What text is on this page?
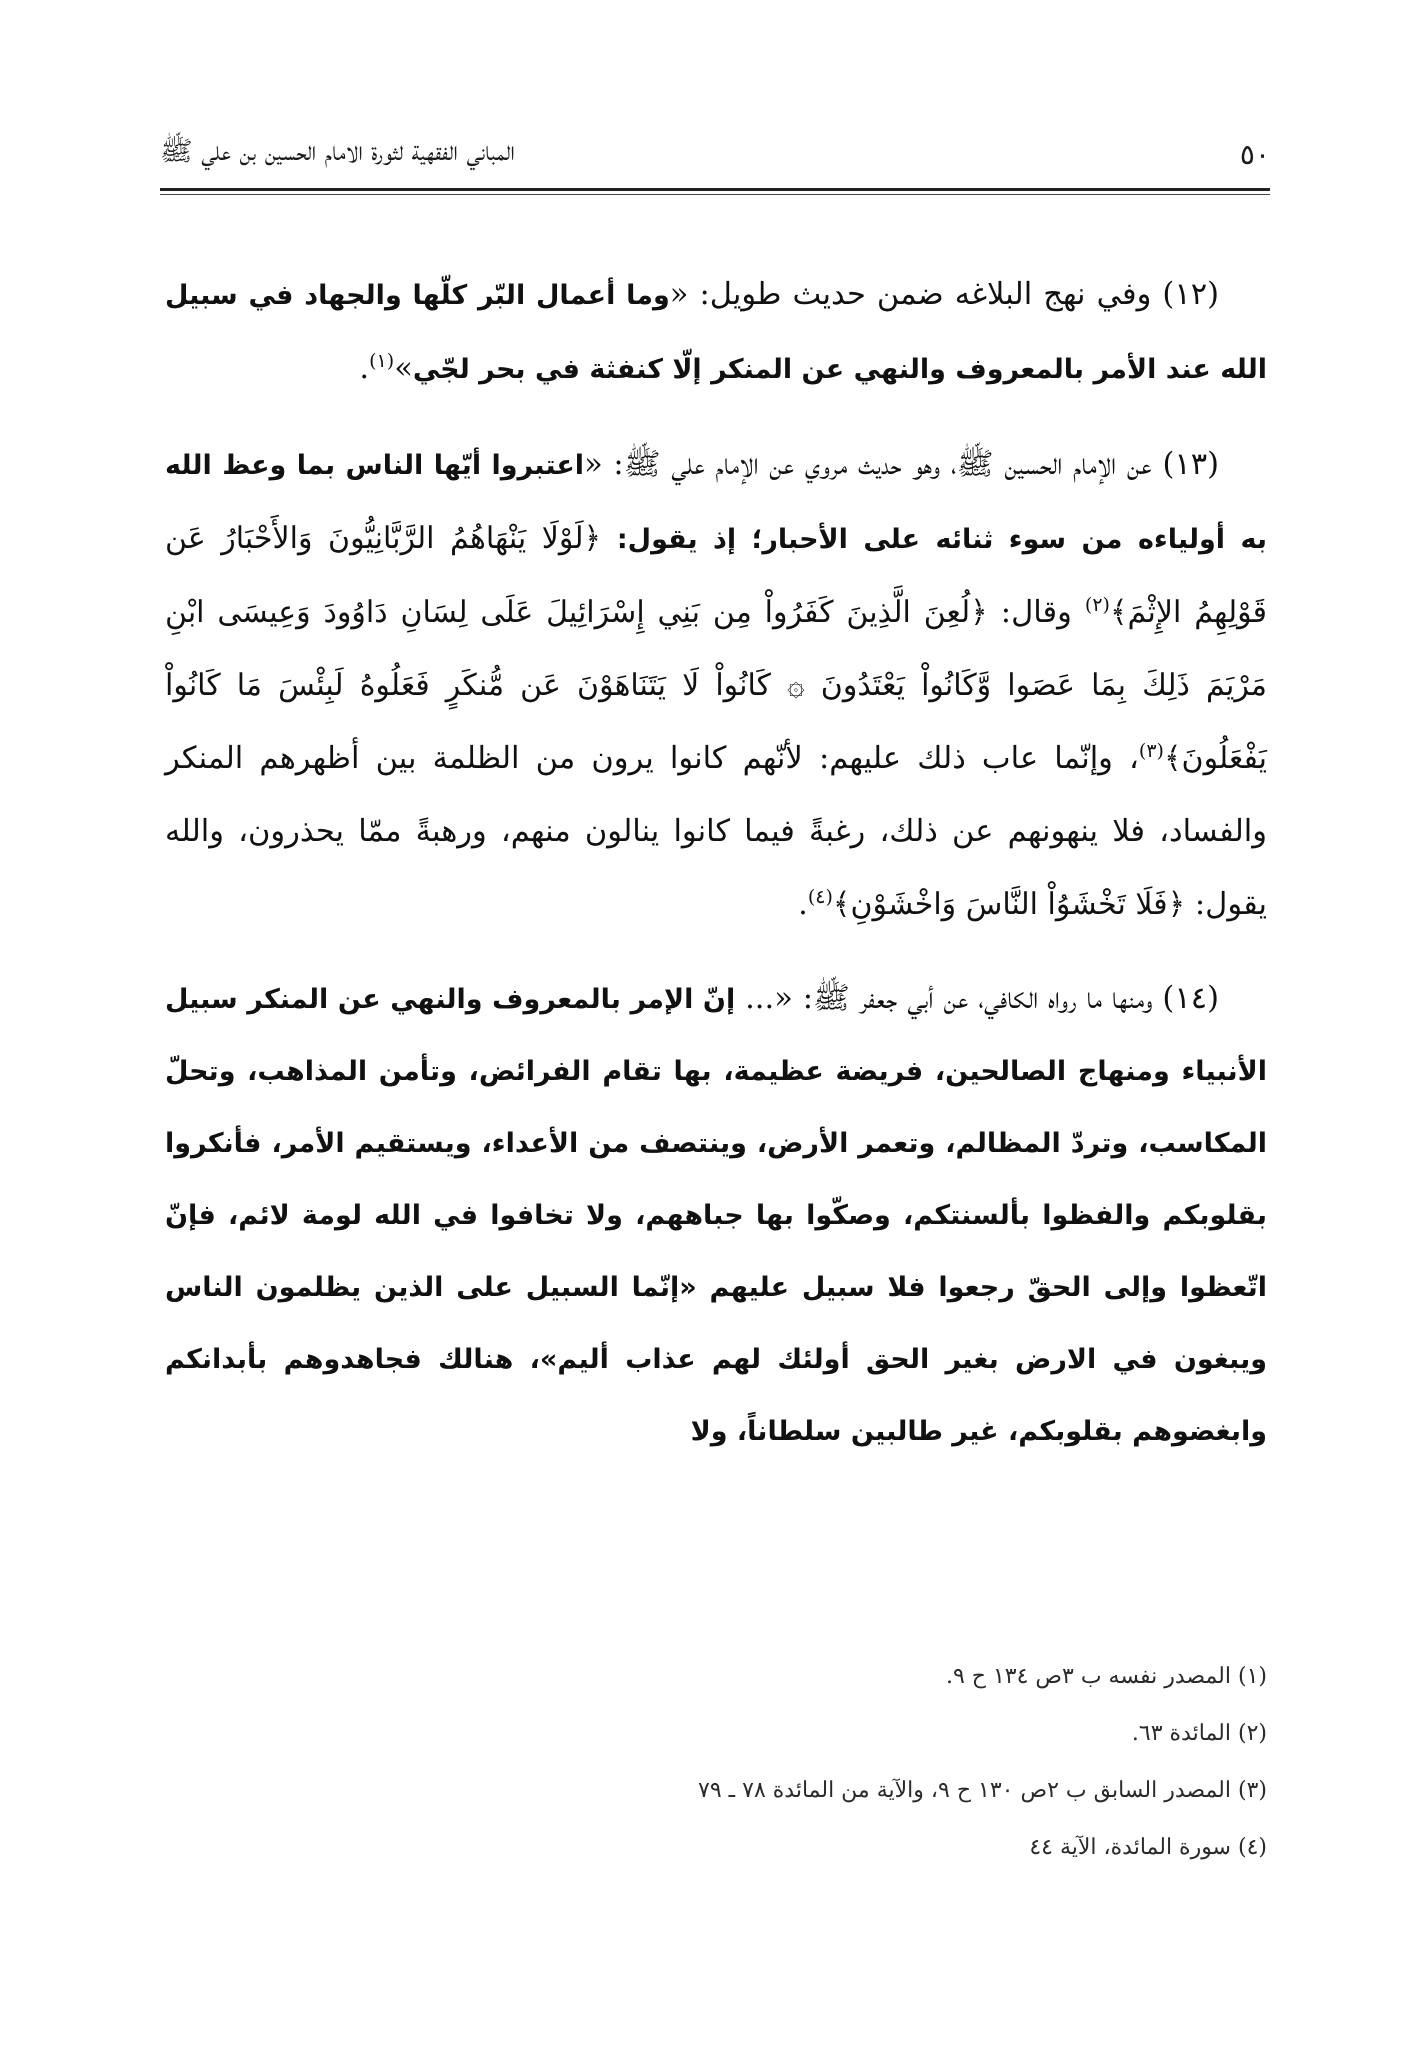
٥٠
المباني الفقهية لثورة الامام الحسين بن علي ﷺ

(١٢) وفي نهج البلاغه ضمن حديث طويل: «وما أعمال البّر كلّها والجهاد في سبيل الله عند الأمر بالمعروف والنهي عن المنكر إلّا كنفثة في بحر لجّي»$^{(١)}$.

(١٣) عن الإمام الحسين ﷺ، وهو حديث مروي عن الإمام علي ﷺ: «اعتبروا أيّها الناس بما وعظ الله به أولياءه من سوء ثنائه على الأحبار؛ إذ يقول: ﴿لَوْلَا يَنْهَاهُمُ الرَّبَّانِيُّونَ وَالأَحْبَارُ عَن قَوْلِهِمُ الإِثْمَ﴾$^{(٢)}$ وقال: ﴿لُعِنَ الَّذِينَ كَفَرُواْ مِن بَنِي إِسْرَائِيلَ عَلَى لِسَانِ دَاوُودَ وَعِيسَى ابْنِ مَرْيَمَ ذَلِكَ بِمَا عَصَوا وَّكَانُواْ يَعْتَدُونَ ۞ كَانُواْ لَا يَتَنَاهَوْنَ عَن مُّنكَرٍ فَعَلُوهُ لَبِئْسَ مَا كَانُواْ يَفْعَلُونَ﴾$^{(٣)}$، وإنّما عاب ذلك عليهم: لأنّهم كانوا يرون من الظلمة بين أظهرهم المنكر والفساد، فلا ينهونهم عن ذلك، رغبةً فيما كانوا ينالون منهم، ورهبةً ممّا يحذرون، والله يقول: ﴿فَلَا تَخْشَوُاْ النَّاسَ وَاخْشَوْنِ﴾$^{(٤)}$.

(١٤) ومنها ما رواه الكافي، عن أبي جعفر ﷺ: «... إنّ الإمر بالمعروف والنهي عن المنكر سبيل الأنبياء ومنهاج الصالحين، فريضة عظيمة، بها تقام الفرائض، وتأمن المذاهب، وتحلّ المكاسب، وتردّ المظالم، وتعمر الأرض، وينتصف من الأعداء، ويستقيم الأمر، فأنكروا بقلوبكم والفظوا بألسنتكم، وصكّوا بها جباههم، ولا تخافوا في الله لومة لائم، فإنّ اتّعظوا وإلى الحقّ رجعوا فلا سبيل عليهم «إنّما السبيل على الذين يظلمون الناس ويبغون في الارض بغير الحق أولئك لهم عذاب أليم»، هنالك فجاهدوهم بأبدانكم وابغضوهم بقلوبكم، غير طالبين سلطاناً، ولا

(١) المصدر نفسه ب ٣ص ١٣٤ ح ٩.

(٢) المائدة ٦٣.

(٣) المصدر السابق ب ٢ص ١٣٠ ح ٩، والآية من المائدة ٧٨ ـ ٧٩

(٤) سورة المائدة، الآية ٤٤
